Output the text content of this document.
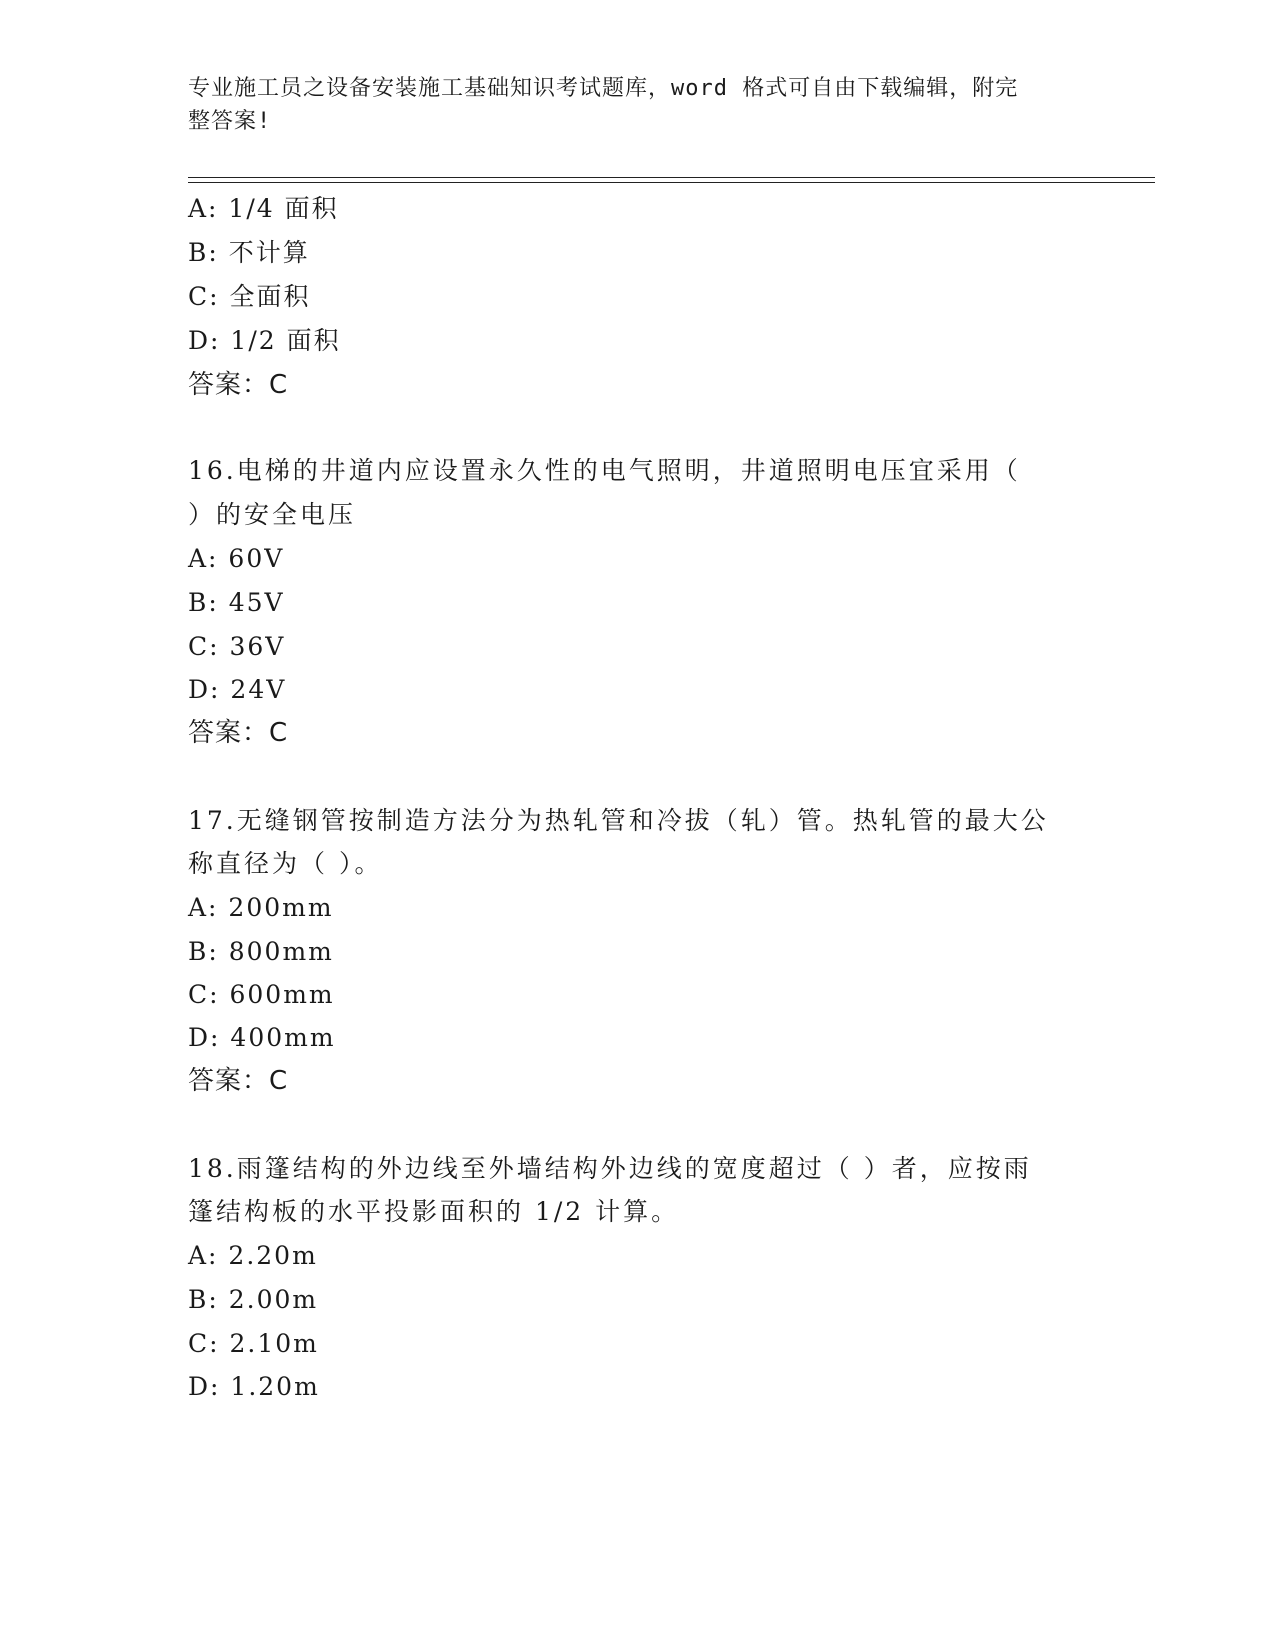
专业施工员之设备安装施工基础知识考试题库，word 格式可自由下载编辑，附完
整答案!
A: 1/4 面积
B: 不计算
C: 全面积
D: 1/2 面积
答案：C
16.电梯的井道内应设置永久性的电气照明，井道照明电压宜采用（
）的安全电压
A: 60V
B: 45V
C: 36V
D: 24V
答案：C
17.无缝钢管按制造方法分为热轧管和冷拔（轧）管。热轧管的最大公
称直径为（ ）。
A: 200mm
B: 800mm
C: 600mm
D: 400mm
答案：C
18.雨篷结构的外边线至外墙结构外边线的宽度超过（ ）者，应按雨
篷结构板的水平投影面积的 1/2 计算。
A: 2.20m
B: 2.00m
C: 2.10m
D: 1.20m
